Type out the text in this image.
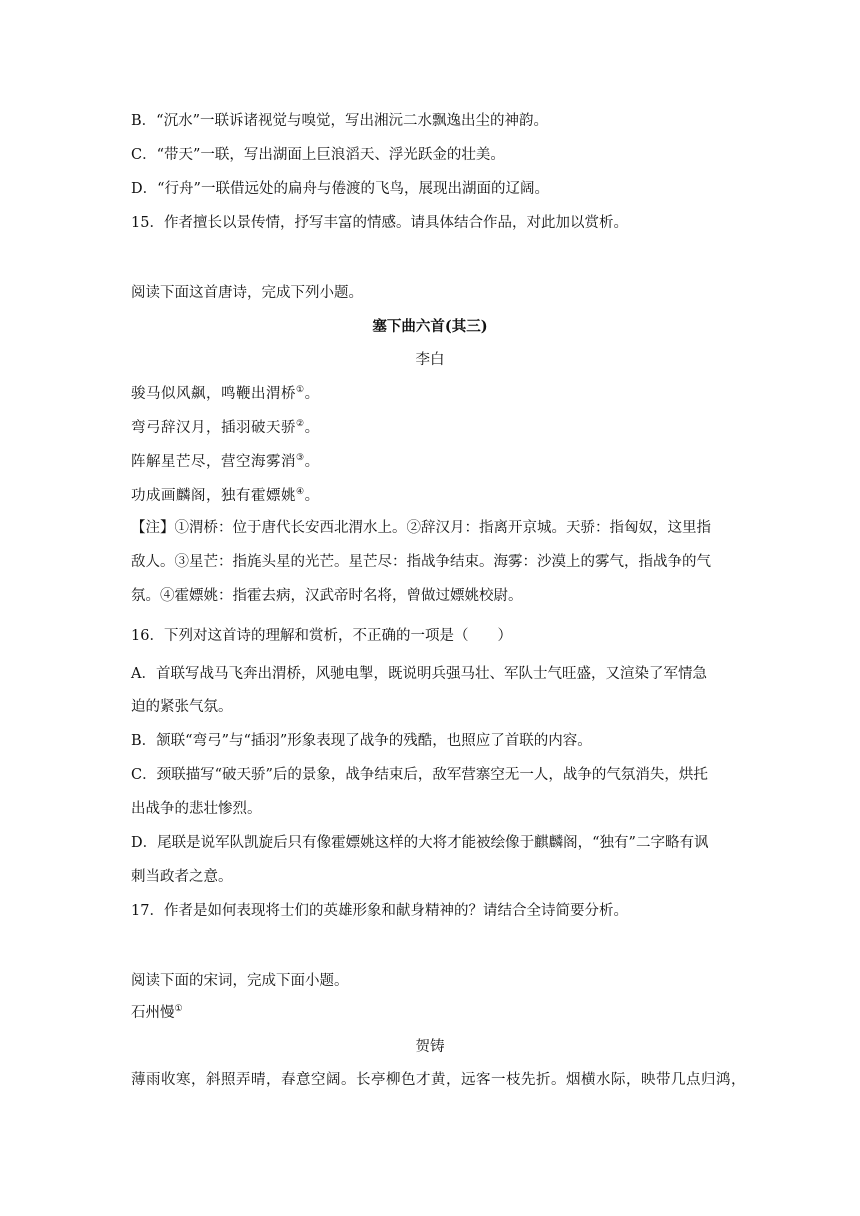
B．“沉水”一联诉诸视觉与嗅觉，写出湘沅二水飘逸出尘的神韵。
C．“带天”一联，写出湖面上巨浪滔天、浮光跃金的壮美。
D．“行舟”一联借远处的扁舟与倦渡的飞鸟，展现出湖面的辽阔。
15．作者擅长以景传情，抒写丰富的情感。请具体结合作品，对此加以赏析。
阅读下面这首唐诗，完成下列小题。
塞下曲六首(其三)
李白
骏马似风飙，鸣鞭出渭桥①。
弯弓辞汉月，插羽破天骄②。
阵解星芒尽，营空海雾消③。
功成画麟阁，独有霍嫖姚④。
【注】①渭桥：位于唐代长安西北渭水上。②辞汉月：指离开京城。天骄：指匈奴，这里指
敌人。③星芒：指旄头星的光芒。星芒尽：指战争结束。海雾：沙漠上的雾气，指战争的气
氛。④霍嫖姚：指霍去病，汉武帝时名将，曾做过嫖姚校尉。
16．下列对这首诗的理解和赏析，不正确的一项是（　　）
A．首联写战马飞奔出渭桥，风驰电掣，既说明兵强马壮、军队士气旺盛，又渲染了军情急
迫的紧张气氛。
B．颔联“弯弓”与“插羽”形象表现了战争的残酷，也照应了首联的内容。
C．颈联描写“破天骄”后的景象，战争结束后，敌军营寨空无一人，战争的气氛消失，烘托
出战争的悲壮惨烈。
D．尾联是说军队凯旋后只有像霍嫖姚这样的大将才能被绘像于麒麟阁，“独有”二字略有讽
刺当政者之意。
17．作者是如何表现将士们的英雄形象和献身精神的？请结合全诗简要分析。
阅读下面的宋词，完成下面小题。
石州慢①
贺铸
薄雨收寒，斜照弄晴，春意空阔。长亭柳色才黄，远客一枝先折。烟横水际，映带几点归鸿，
